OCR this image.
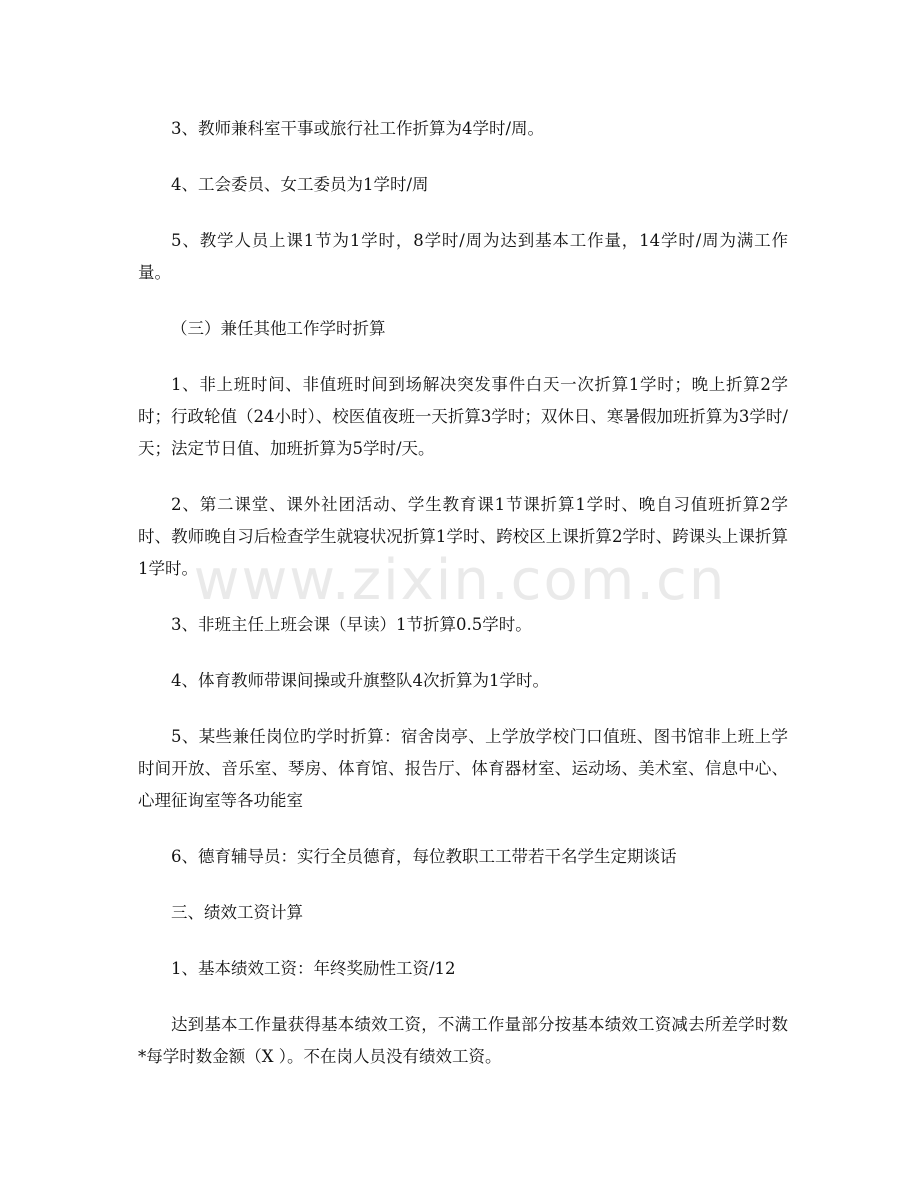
3、教师兼科室干事或旅行社工作折算为4学时/周。

4、工会委员、女工委员为1学时/周

5、教学人员上课1节为1学时，8学时/周为达到基本工作量，14学时/周为满工作量。

（三）兼任其他工作学时折算

1、非上班时间、非值班时间到场解决突发事件白天一次折算1学时；晚上折算2学时；行政轮值（24小时）、校医值夜班一天折算3学时；双休日、寒暑假加班折算为3学时/天；法定节日值、加班折算为5学时/天。

2、第二课堂、课外社团活动、学生教育课1节课折算1学时、晚自习值班折算2学时、教师晚自习后检查学生就寝状况折算1学时、跨校区上课折算2学时、跨课头上课折算1学时。

3、非班主任上班会课（早读）1节折算0.5学时。

4、体育教师带课间操或升旗整队4次折算为1学时。

5、某些兼任岗位旳学时折算：宿舍岗亭、上学放学校门口值班、图书馆非上班上学时间开放、音乐室、琴房、体育馆、报告厅、体育器材室、运动场、美术室、信息中心、心理征询室等各功能室

6、德育辅导员：实行全员德育，每位教职工工带若干名学生定期谈话

三、绩效工资计算

1、基本绩效工资：年终奖励性工资/12

达到基本工作量获得基本绩效工资，不满工作量部分按基本绩效工资减去所差学时数*每学时数金额（X ）。不在岗人员没有绩效工资。

www.zixin.com.cn
